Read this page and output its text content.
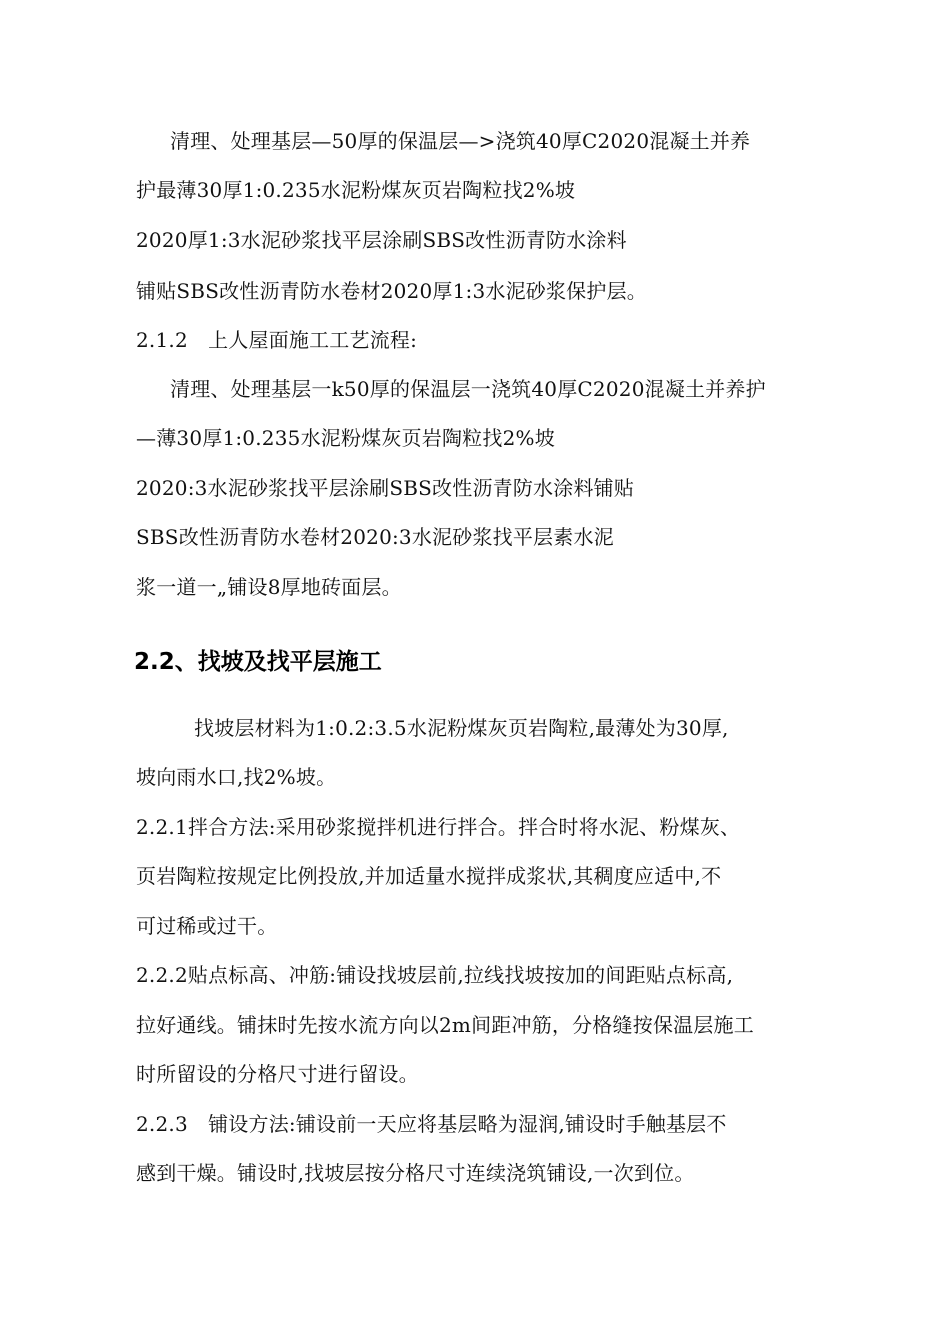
清理、处理基层—50厚的保温层—>浇筑40厚C2020混凝土并养
护最薄30厚1:0.235水泥粉煤灰页岩陶粒找2%坡
2020厚1:3水泥砂浆找平层涂刷SBS改性沥青防水涂料
铺贴SBS改性沥青防水卷材2020厚1:3水泥砂浆保护层。
2.1.2　上人屋面施工工艺流程:
清理、处理基层一k50厚的保温层一浇筑40厚C2020混凝土并养护
—薄30厚1:0.235水泥粉煤灰页岩陶粒找2%坡
2020:3水泥砂浆找平层涂刷SBS改性沥青防水涂料铺贴
SBS改性沥青防水卷材2020:3水泥砂浆找平层素水泥
浆一道一„铺设8厚地砖面层。
2.2、找坡及找平层施工
找坡层材料为1:0.2:3.5水泥粉煤灰页岩陶粒,最薄处为30厚,
坡向雨水口,找2%坡。
2.2.1拌合方法:采用砂浆搅拌机进行拌合。拌合时将水泥、粉煤灰、
页岩陶粒按规定比例投放,并加适量水搅拌成浆状,其稠度应适中,不
可过稀或过干。
2.2.2贴点标高、冲筋:铺设找坡层前,拉线找坡按加的间距贴点标高,
拉好通线。铺抹时先按水流方向以2m间距冲筋，分格缝按保温层施工
时所留设的分格尺寸进行留设。
2.2.3　铺设方法:铺设前一天应将基层略为湿润,铺设时手触基层不
感到干燥。铺设时,找坡层按分格尺寸连续浇筑铺设,一次到位。
